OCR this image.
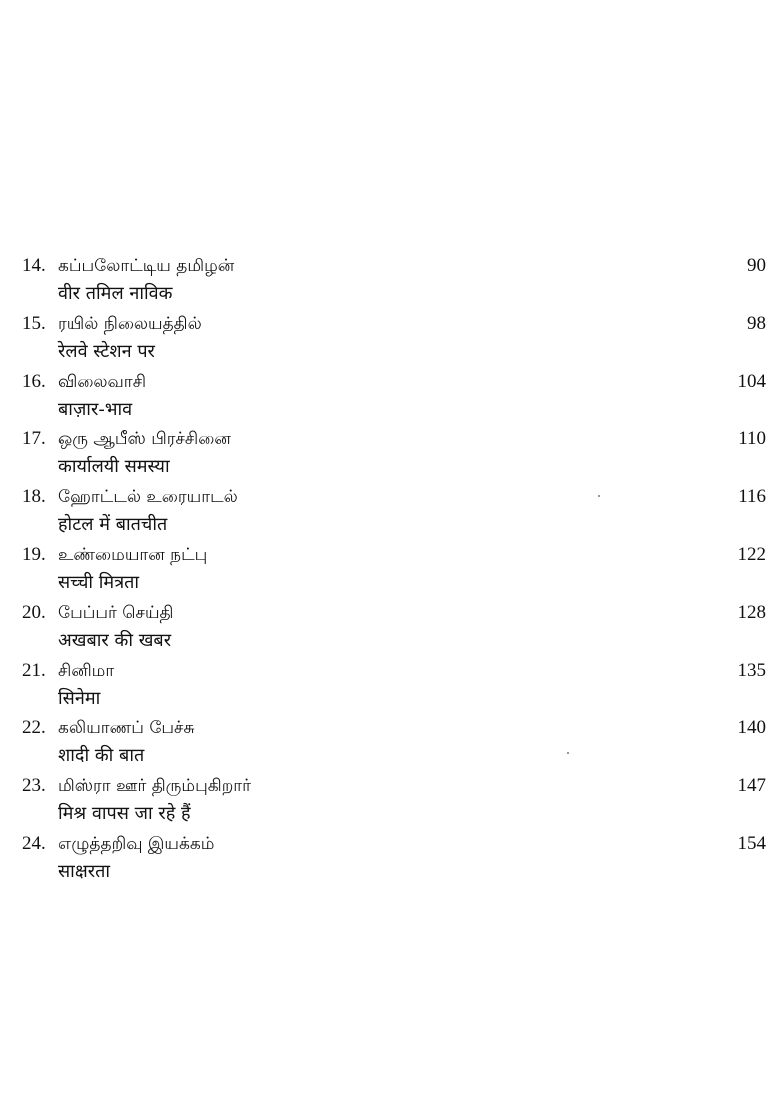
14. கப்பலோட்டிய தமிழன்
वीर तमिल नाविक
90
15. ரயில் நிலையத்தில்
रेलवे स्टेशन पर
98
16. விலைவாசி
बाज़ार-भाव
104
17. ஒரு ஆபீஸ் பிரச்சினை
कार्यालयी समस्या
110
18. ஹோட்டல் உரையாடல்
होटल में बातचीत
116
19. உண்மையான நட்பு
सच्ची मित्रता
122
20. பேப்பர் செய்தி
अखबार की खबर
128
21. சினிமா
सिनेमा
135
22. கலியாணப் பேச்சு
शादी की बात
140
23. மிஸ்ரா ஊர் திரும்புகிறார்
मिश्र वापस जा रहे हैं
147
24. எழுத்தறிவு இயக்கம்
साक्षरता
154
